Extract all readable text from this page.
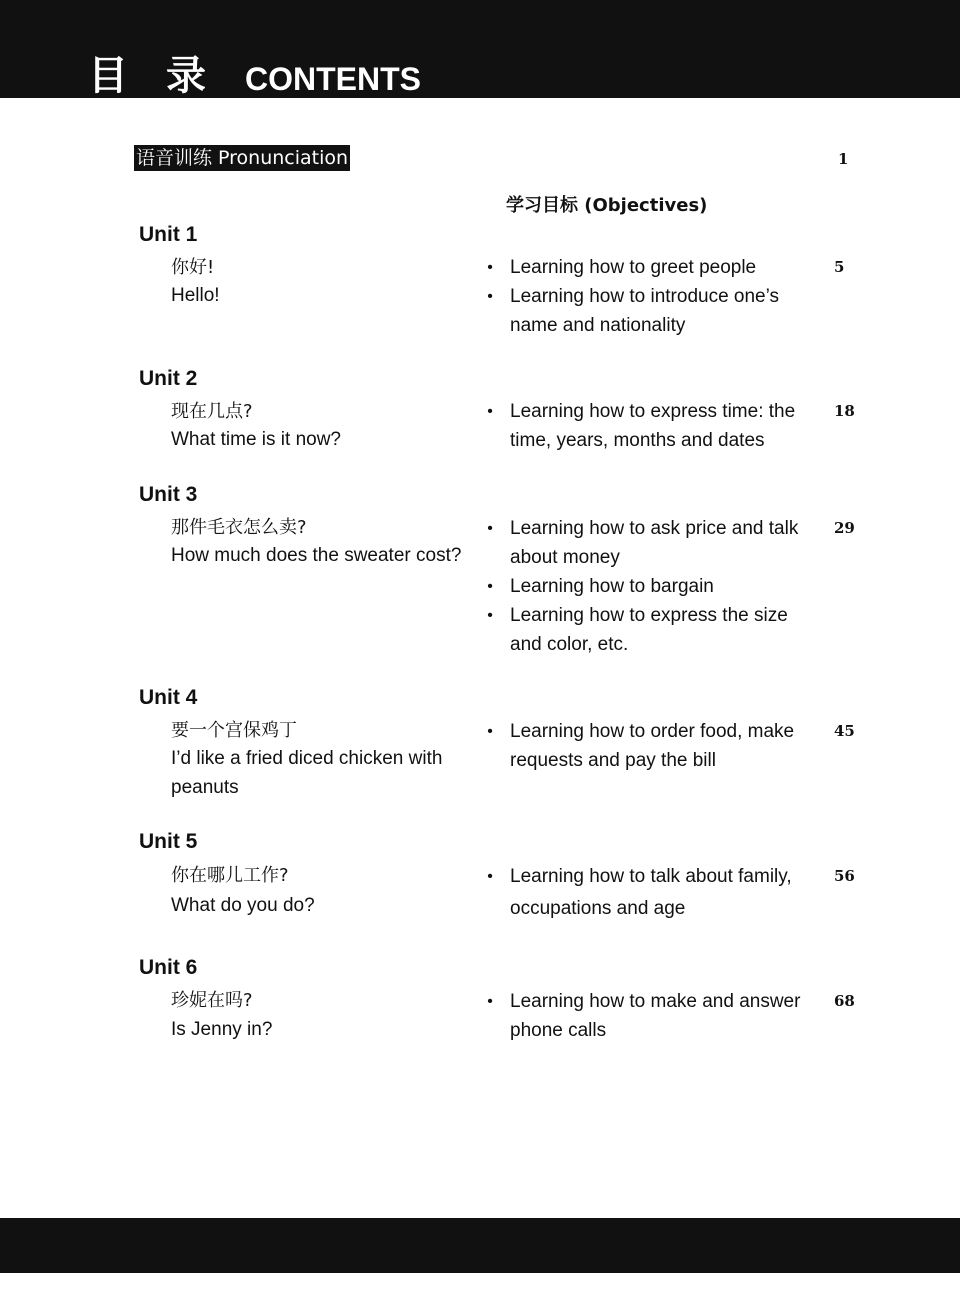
目录 CONTENTS
语音训练 Pronunciation	1
学习目标 (Objectives)
Unit 1
你好!
Hello!
• Learning how to greet people
• Learning how to introduce one’s name and nationality
5
Unit 2
现在几点?
What time is it now?
• Learning how to express time: the time, years, months and dates
18
Unit 3
那件毛衣怎么卖?
How much does the sweater cost?
• Learning how to ask price and talk about money
• Learning how to bargain
• Learning how to express the size and color, etc.
29
Unit 4
要一个宫保鸡丁
I’d like a fried diced chicken with peanuts
• Learning how to order food, make requests and pay the bill
45
Unit 5
你在哪儿工作?
What do you do?
• Learning how to talk about family, occupations and age
56
Unit 6
珍妮在吗?
Is Jenny in?
• Learning how to make and answer phone calls
68
